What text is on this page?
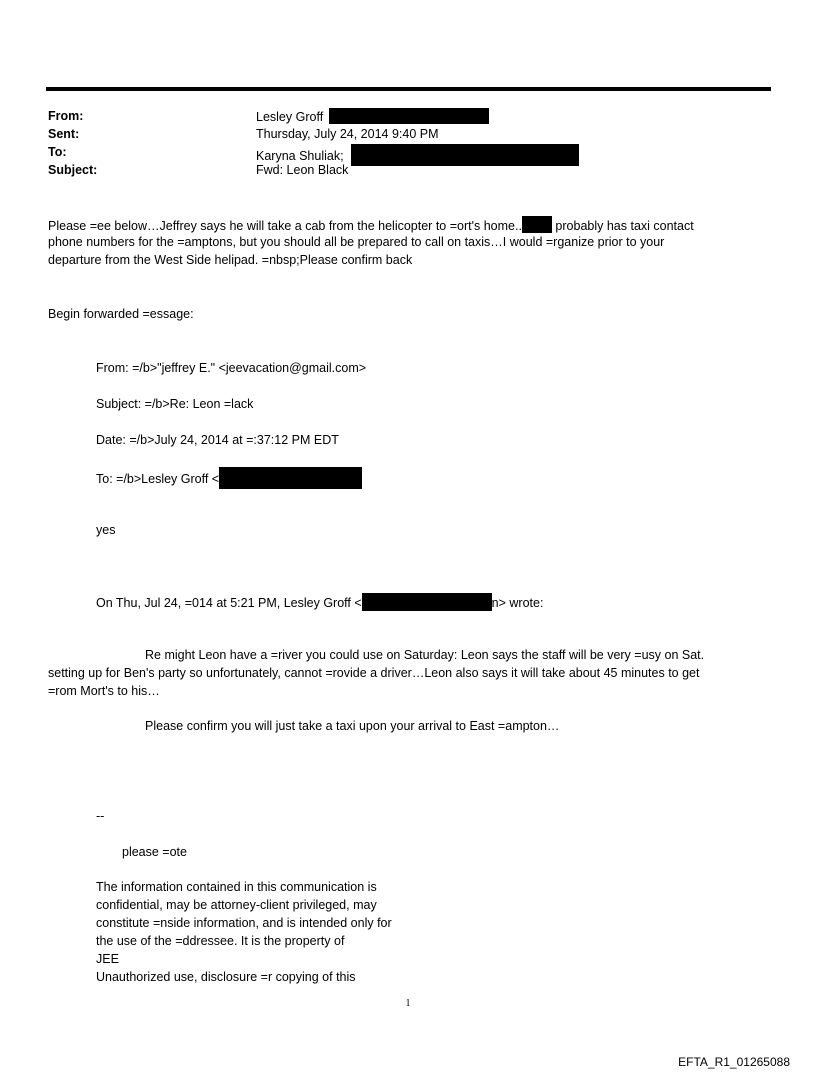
From:	Lesley Groff
Sent:	Thursday, July 24, 2014 9:40 PM
To:	Karyna Shuliak;
Subject:	Fwd: Leon Black
Please =ee below…Jeffrey says he will take a cab from the helicopter to =ort's home..	probably has taxi contact
phone numbers for the =amptons, but you should all be prepared to call on taxis…I would =rganize prior to your
departure from the West Side helipad. =nbsp;Please confirm back
Begin forwarded =essage:
From: =/b>"jeffrey E." <jeevacation@gmail.com>
Subject: =/b>Re: Leon =lack
Date: =/b>July 24, 2014 at =:37:12 PM EDT
To: =/b>Lesley Groff <
yes
On Thu, Jul 24, =014 at 5:21 PM, Lesley Groff <	n> wrote:
Re might Leon have a =river you could use on Saturday: Leon says the staff will be very =usy on Sat.
setting up for Ben's party so unfortunately, cannot =rovide a driver…Leon also says it will take about 45 minutes to get
=rom Mort's to his…
Please confirm you will just take a taxi upon your arrival to East =ampton…
--
please =ote
The information contained in this communication is
confidential, may be attorney-client privileged, may
constitute =nside information, and is intended only for
the use of the =ddressee. It is the property of
JEE
Unauthorized use, disclosure =r copying of this
1
EFTA_R1_01265088
